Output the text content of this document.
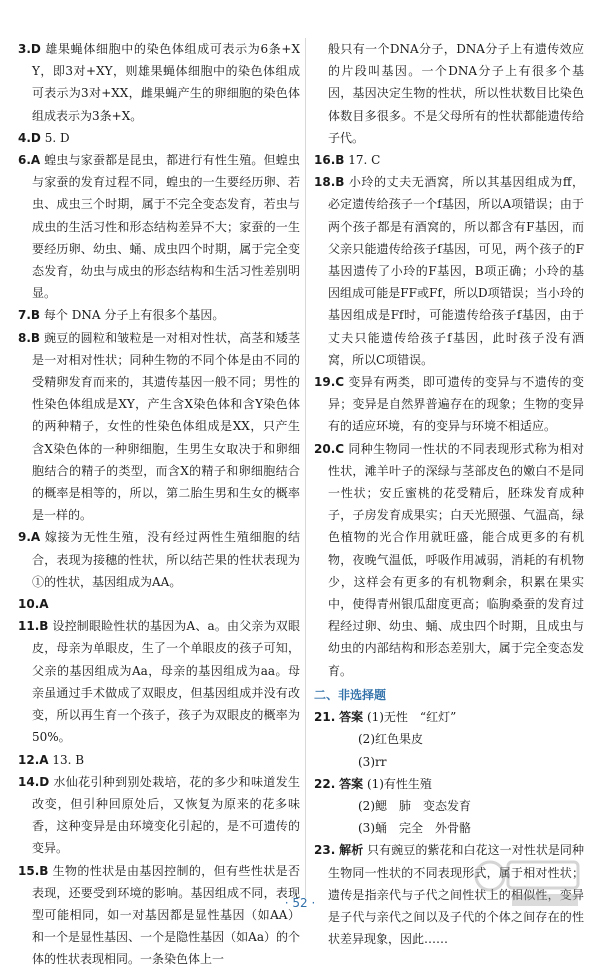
3.D 雄果蝇体细胞中的染色体组成可表示为6条+XY，即3对+XY，则雄果蝇体细胞中的染色体组成可表示为3对+XX，雌果蝇产生的卵细胞的染色体组成表示为3条+X。

4.D 5. D

6.A 蝗虫与家蚕都是昆虫，都进行有性生殖。但蝗虫与家蚕的发育过程不同，蝗虫的一生要经历卵、若虫、成虫三个时期，属于不完全变态发育，若虫与成虫的生活习性和形态结构差异不大；家蚕的一生要经历卵、幼虫、蛹、成虫四个时期，属于完全变态发育，幼虫与成虫的形态结构和生活习性差别明显。

7.B 每个 DNA 分子上有很多个基因。

8.B 豌豆的圆粒和皱粒是一对相对性状，高茎和矮茎是一对相对性状；同种生物的不同个体是由不同的受精卵发育而来的，其遗传基因一般不同；男性的性染色体组成是XY，产生含X染色体和含Y染色体的两种精子，女性的性染色体组成是XX，只产生含X染色体的一种卵细胞，生男生女取决于和卵细胞结合的精子的类型，而含X的精子和卵细胞结合的概率是相等的，所以，第二胎生男和生女的概率是一样的。

9.A 嫁接为无性生殖，没有经过两性生殖细胞的结合，表现为接穗的性状，所以结芒果的性状表现为①的性状，基因组成为AA。

10.A

11.B 设控制眼睑性状的基因为A、a。由父亲为双眼皮，母亲为单眼皮，生了一个单眼皮的孩子可知，父亲的基因组成为Aa，母亲的基因组成为aa。母亲虽通过手术做成了双眼皮，但基因组成并没有改变，所以再生育一个孩子，孩子为双眼皮的概率为50%。

12.A 13. B

14.D 水仙花引种到别处栽培，花的多少和味道发生改变，但引种回原处后，又恢复为原来的花多味香，这种变异是由环境变化引起的，是不可遗传的变异。

15.B 生物的性状是由基因控制的，但有些性状是否表现，还要受到环境的影响。基因组成不同，表现型可能相同，如一对基因都是显性基因（如AA）和一个是显性基因、一个是隐性基因（如Aa）的个体的性状表现相同。一条染色体上一

般只有一个DNA分子，DNA分子上有遗传效应的片段叫基因。一个DNA分子上有很多个基因，基因决定生物的性状，所以性状数目比染色体数目多很多。不是父母所有的性状都能遗传给子代。

16.B 17. C

18.B 小玲的丈夫无酒窝，所以其基因组成为ff，必定遗传给孩子一个f基因，所以A项错误；由于两个孩子都是有酒窝的，所以都含有F基因，而父亲只能遗传给孩子f基因，可见，两个孩子的F基因遗传了小玲的F基因，B项正确；小玲的基因组成可能是FF或Ff，所以D项错误；当小玲的基因组成是Ff时，可能遗传给孩子f基因，由于丈夫只能遗传给孩子f基因，此时孩子没有酒窝，所以C项错误。

19.C 变异有两类，即可遗传的变异与不遗传的变异；变异是自然界普遍存在的现象；生物的变异有的适应环境，有的变异与环境不相适应。

20.C 同种生物同一性状的不同表现形式称为相对性状，滩羊叶子的深绿与茎部皮色的嫩白不是同一性状；安丘蜜桃的花受精后，胚珠发育成种子，子房发育成果实；白天光照强、气温高，绿色植物的光合作用就旺盛，能合成更多的有机物，夜晚气温低，呼吸作用减弱，消耗的有机物少，这样会有更多的有机物剩余，积累在果实中，使得青州银瓜甜度更高；临朐桑蚕的发育过程经过卵、幼虫、蛹、成虫四个时期，且成虫与幼虫的内部结构和形态差别大，属于完全变态发育。

二、非选择题

21. 答案 (1)无性　“红灯”
(2)红色果皮
(3)rr

22. 答案 (1)有性生殖
(2)鳃　肺　变态发育
(3)蛹　完全　外骨骼

23. 解析 只有豌豆的紫花和白花这一对性状是同种生物同一性状的不同表现形式，属于相对性状；遗传是指亲代与子代之间性状上的相似性，变异是子代与亲代之间以及子代的个体之间存在的性状差异现象，因此……

· 52 ·
